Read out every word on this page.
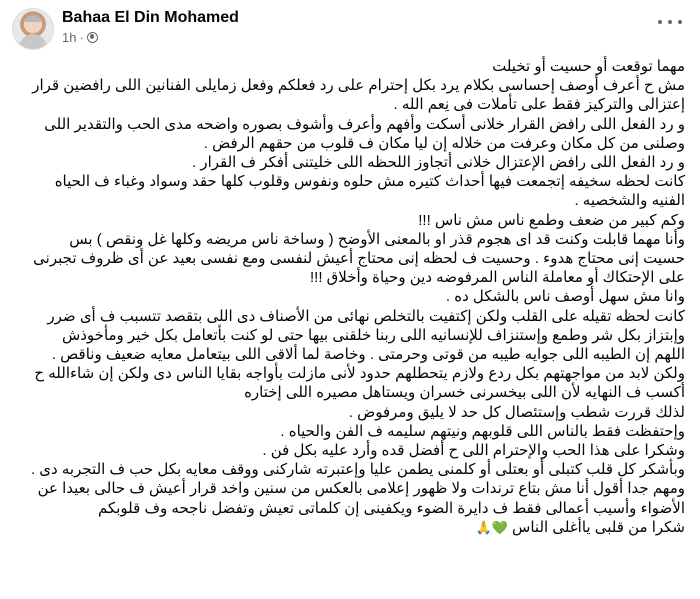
Bahaa El Din Mohamed
1h ·

مهما توقعت أو حسيت أو تخيلت

مش ح أعرف أوصف إحساسى بكلام يرد بكل إحترام على رد فعلكم وفعل زمايلى الفنانين اللى رافضين قرار

إعتزالى والتركيز فقط على تأملات فى نِعم الله .

و رد الفعل اللى رافض القرار خلانى أسكت وأفهم وأعرف وأشوف بصوره واضحه مدى الحب والتقدير اللى

وصلنى من كل مكان وعرفت من خلاله إن ليا مكان ف قلوب من حقهم الرفض .

و رد الفعل اللى رافض الإعتزال خلانى أتجاوز اللحظه اللى خليتنى أفكر ف القرار .

كانت لحظه سخيفه إتجمعت فيها أحداث كتيره مش حلوه ونفوس وقلوب كلها حقد وسواد وغباء ف الحياه

الفنيه والشخصيه .

وكم كبير من ضعف وطمع ناس مش ناس !!!

وأنا مهما قابلت وكنت قد اى هجوم قذر او بالمعنى الأوضح ( وساخة ناس مريضه وكلها غل ونقص ) بس

حسيت إنى محتاج هدوء . وحسيت ف لحظه إنى محتاج أعيش لنفسى ومع نفسى بعيد عن أى ظروف تجبرنى

على الإحتكاك أو معاملة الناس المرفوضه دين وحياة وأخلاق !!!

وانا مش سهل أوصف ناس بالشكل ده .

كانت لحظه تقيله على القلب ولكن إكتفيت بالتخلص نهائى من الأصناف دى اللى بتقصد تتسبب ف أى ضرر

وإبتزاز بكل شر وطمع وإستنزاف للإنسانيه اللى ربنا خلقنى بيها حتى لو كنت بأتعامل بكل خير ومأخوذش

اللهم إن الطيبه اللى جوايه طيبه من قوتى وحرمتى . وخاصة لما ألاقى اللى بيتعامل معايه ضعيف وناقص .

ولكن لابد من مواجهتهم بكل ردع ولازم يتحطلهم حدود لأنى مازلت بأواجه بقايا الناس دى ولكن إن شاءالله ح

أكسب ف النهايه لأن اللى بيخسرنى خسران ويستاهل مصيره اللى إختاره

لذلك قررت شطب وإستئصال كل حد لا يليق ومرفوض .

وإحتفظت فقط بالناس اللى قلوبهم ونيتهم سليمه ف الفن والحياه .

وشكرا على هذا الحب والإحترام اللى ح أفضل قده وأرد عليه بكل فن .

وبأشكر كل قلب كتبلى أو بعتلى أو كلمنى يطمن عليا وإعتبرته شاركنى ووقف معايه بكل حب ف التجربه دى .

ومهم جدا أقول أنا مش بتاع ترندات ولا ظهور إعلامى بالعكس من سنين واخد قرار أعيش ف حالى بعيدا عن

الأضواء وأسيب أعمالى فقط ف دايرة الضوء ويكفينى إن كلماتى تعيش وتفضل ناجحه وف قلوبكم

شكرا من قلبى ياأغلى الناس 💚🙏
